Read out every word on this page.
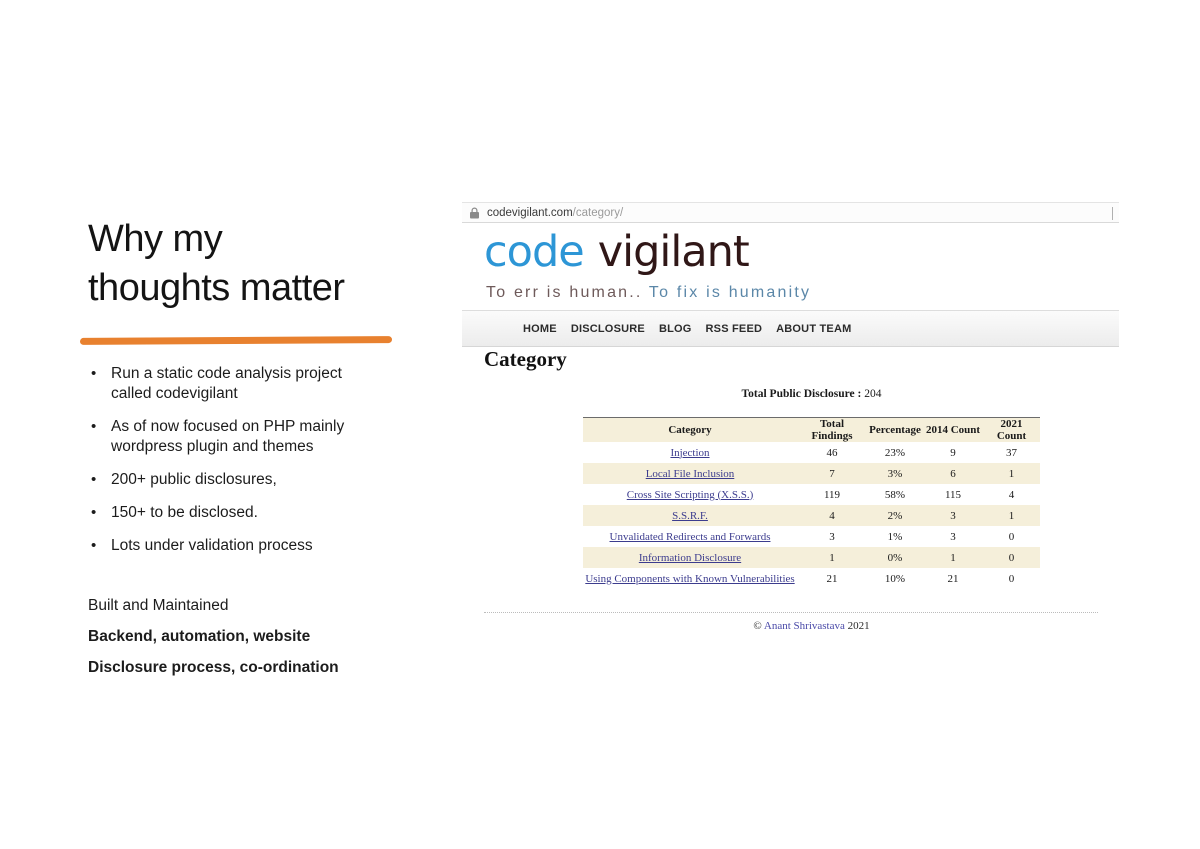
Why my
thoughts matter
• Run a static code analysis project called codevigilant
• As of now focused on PHP mainly wordpress plugin and themes
• 200+ public disclosures,
• 150+ to be disclosed.
• Lots under validation process
Built and Maintained
Backend, automation, website
Disclosure process, co-ordination
codevigilant.com /category/
code vigilant
To err is human.. To fix is humanity
HOME DISCLOSURE BLOG RSS FEED ABOUT TEAM
Category
Total Public Disclosure : 204
Category	Total Findings	Percentage	2014 Count	2021 Count
Injection	46	23%	9	37
Local File Inclusion	7	3%	6	1
Cross Site Scripting (X.S.S.)	119	58%	115	4
S.S.R.F.	4	2%	3	1
Unvalidated Redirects and Forwards	3	1%	3	0
Information Disclosure	1	0%	1	0
Using Components with Known Vulnerabilities	21	10%	21	0
© Anant Shrivastava 2021
